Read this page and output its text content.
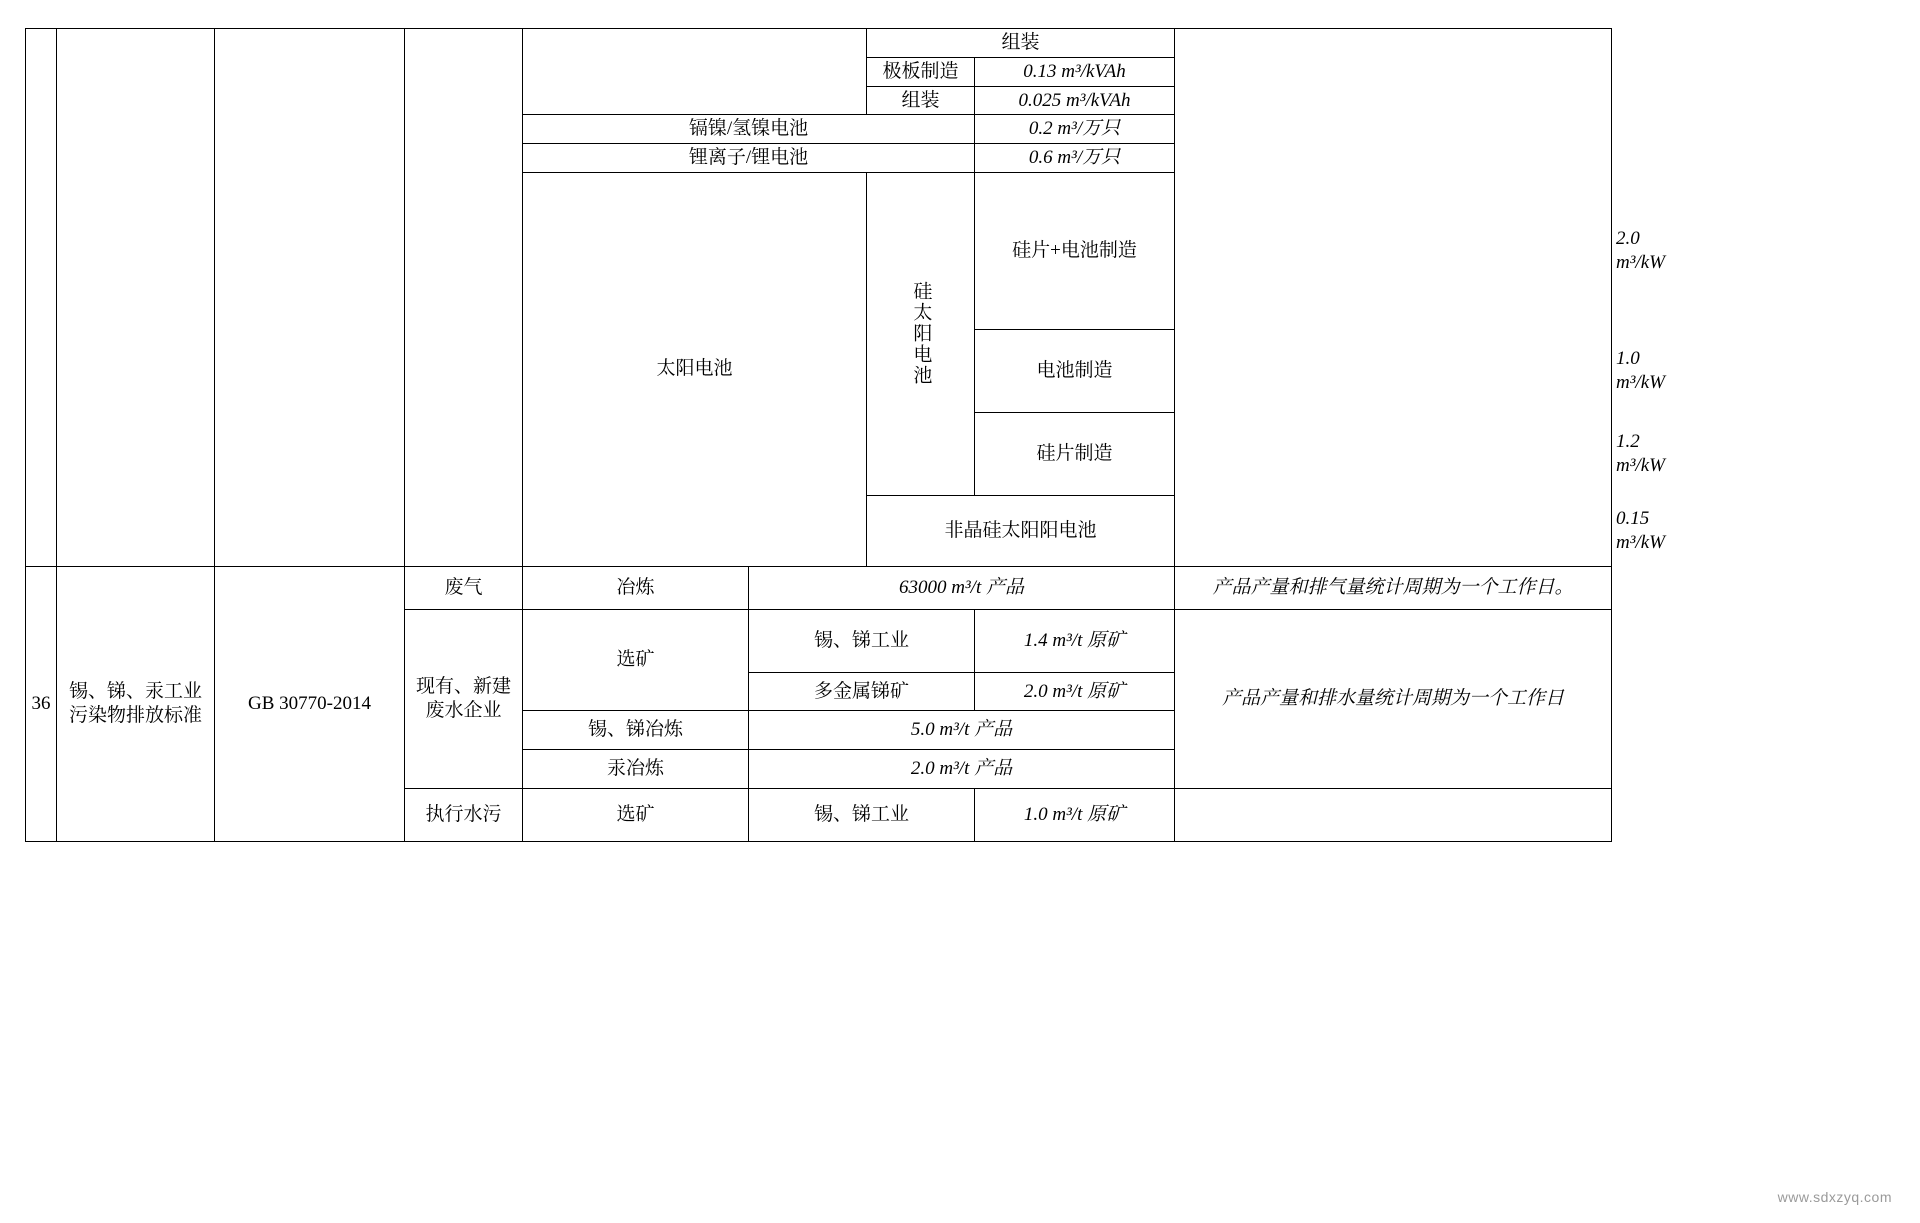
						组装			
						极板制造	0.13 m³/kVAh		
						组装	0.025 m³/kVAh		
				镉镍/氢镍电池			0.2 m³/万只		
				锂离子/锂电池			0.6 m³/万只		
				太阳电池		硅太阳电池	硅片+电池制造		2.0 m³/kW
							电池制造		1.0 m³/kW
							硅片制造		1.2 m³/kW
						非晶硅太阳阳电池			0.15 m³/kW
36	锡、锑、汞工业污染物排放标准	GB 30770-2014	废气	冶炼	63000 m³/t 产品			产品产量和排气量统计周期为一个工作日。	
			现有、新建废水企业	选矿	锡、锑工业		1.4 m³/t 原矿	产品产量和排水量统计周期为一个工作日	
					多金属锑矿		2.0 m³/t 原矿		
				锡、锑冶炼	5.0 m³/t 产品				
				汞冶炼	2.0 m³/t 产品				
			执行水污	选矿	锡、锑工业		1.0 m³/t 原矿		
www.sdxzyq.com
